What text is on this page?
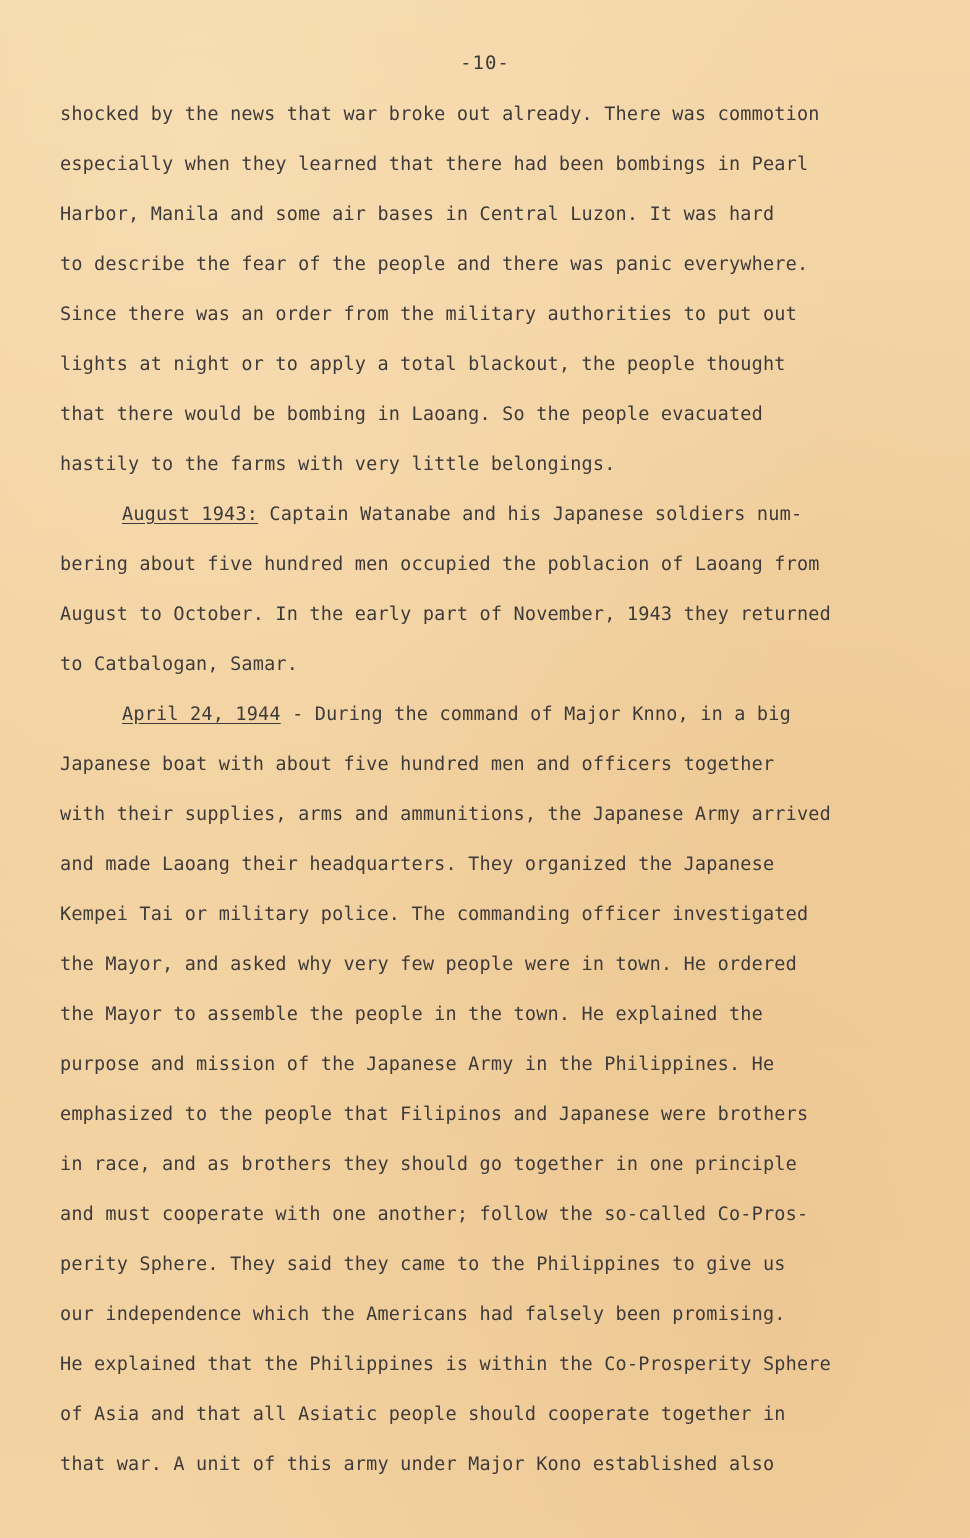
-10-
shocked by the news that war broke out already. There was commotion
especially when they learned that there had been bombings in Pearl
Harbor, Manila and some air bases in Central Luzon. It was hard
to describe the fear of the people and there was panic everywhere.
Since there was an order from the military authorities to put out
lights at night or to apply a total blackout, the people thought
that there would be bombing in Laoang. So the people evacuated
hastily to the farms with very little belongings.
August 1943: Captain Watanabe and his Japanese soldiers num-
bering about five hundred men occupied the poblacion of Laoang from
August to October. In the early part of November, 1943 they returned
to Catbalogan, Samar.
April 24, 1944 - During the command of Major Knno, in a big
Japanese boat with about five hundred men and officers together
with their supplies, arms and ammunitions, the Japanese Army arrived
and made Laoang their headquarters. They organized the Japanese
Kempei Tai or military police. The commanding officer investigated
the Mayor, and asked why very few people were in town. He ordered
the Mayor to assemble the people in the town. He explained the
purpose and mission of the Japanese Army in the Philippines. He
emphasized to the people that Filipinos and Japanese were brothers
in race, and as brothers they should go together in one principle
and must cooperate with one another; follow the so-called Co-Pros-
perity Sphere. They said they came to the Philippines to give us
our independence which the Americans had falsely been promising.
He explained that the Philippines is within the Co-Prosperity Sphere
of Asia and that all Asiatic people should cooperate together in
that war. A unit of this army under Major Kono established also
